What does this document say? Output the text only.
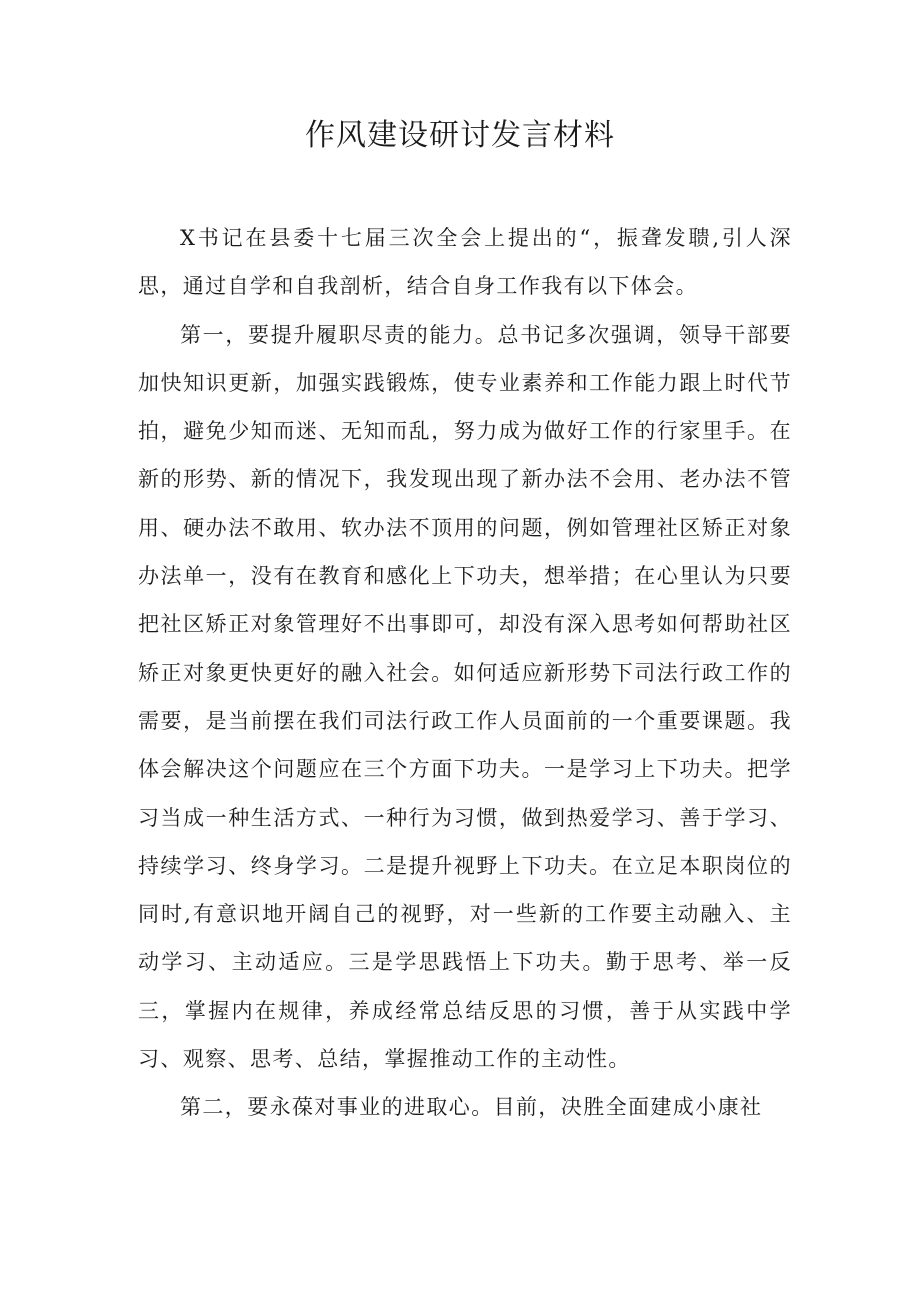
作风建设研讨发言材料

X书记在县委十七届三次全会上提出的“，振聋发聩,引人深思，通过自学和自我剖析，结合自身工作我有以下体会。

第一，要提升履职尽责的能力。总书记多次强调，领导干部要加快知识更新，加强实践锻炼，使专业素养和工作能力跟上时代节拍，避免少知而迷、无知而乱，努力成为做好工作的行家里手。在新的形势、新的情况下，我发现出现了新办法不会用、老办法不管用、硬办法不敢用、软办法不顶用的问题，例如管理社区矫正对象办法单一，没有在教育和感化上下功夫，想举措；在心里认为只要把社区矫正对象管理好不出事即可，却没有深入思考如何帮助社区矫正对象更快更好的融入社会。如何适应新形势下司法行政工作的需要，是当前摆在我们司法行政工作人员面前的一个重要课题。我体会解决这个问题应在三个方面下功夫。一是学习上下功夫。把学习当成一种生活方式、一种行为习惯，做到热爱学习、善于学习、持续学习、终身学习。二是提升视野上下功夫。在立足本职岗位的同时,有意识地开阔自己的视野，对一些新的工作要主动融入、主动学习、主动适应。三是学思践悟上下功夫。勤于思考、举一反三，掌握内在规律，养成经常总结反思的习惯，善于从实践中学习、观察、思考、总结，掌握推动工作的主动性。

第二，要永葆对事业的进取心。目前，决胜全面建成小康社
